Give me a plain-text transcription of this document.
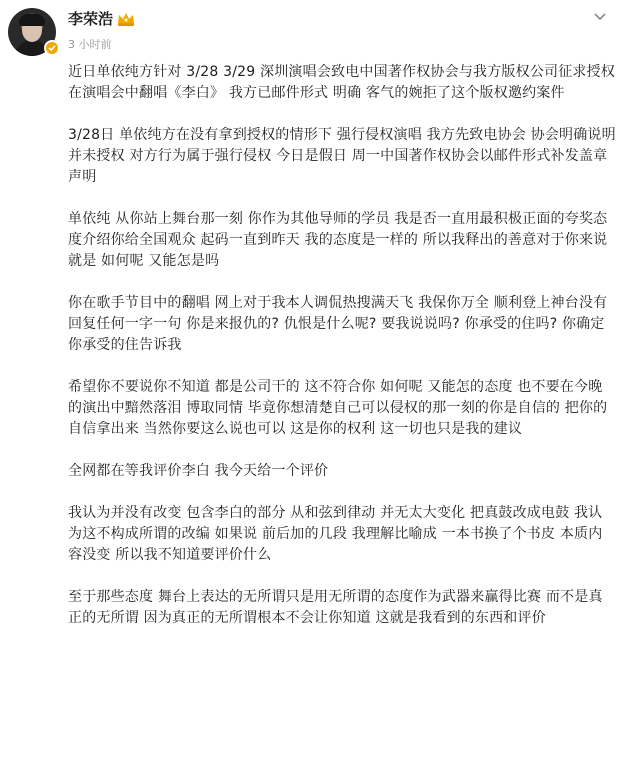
李荣浩
3 小时前

近日单依纯方针对 3/28 3/29 深圳演唱会致电中国著作权协会与我方版权公司征求授权在演唱会中翻唱《李白》 我方已邮件形式 明确 客气的婉拒了这个版权邀约案件

3/28日 单依纯方在没有拿到授权的情形下 强行侵权演唱 我方先致电协会 协会明确说明 并未授权 对方行为属于强行侵权 今日是假日 周一中国著作权协会以邮件形式补发盖章声明

单依纯 从你站上舞台那一刻 你作为其他导师的学员 我是否一直用最积极正面的夸奖态度介绍你给全国观众 起码一直到昨天 我的态度是一样的 所以我释出的善意对于你来说 就是 如何呢 又能怎是吗

你在歌手节目中的翻唱 网上对于我本人调侃热搜满天飞 我保你万全 顺利登上神台没有回复任何一字一句 你是来报仇的? 仇恨是什么呢? 要我说说吗? 你承受的住吗? 你确定你承受的住告诉我

希望你不要说你不知道 都是公司干的 这不符合你 如何呢 又能怎的态度 也不要在今晚的演出中黯然落泪 博取同情 毕竟你想清楚自己可以侵权的那一刻的你是自信的 把你的自信拿出来 当然你要这么说也可以 这是你的权利 这一切也只是我的建议

全网都在等我评价李白 我今天给一个评价

我认为并没有改变 包含李白的部分 从和弦到律动 并无太大变化 把真鼓改成电鼓 我认为这不构成所谓的改编 如果说 前后加的几段 我理解比喻成 一本书换了个书皮 本质内容没变 所以我不知道要评价什么

至于那些态度 舞台上表达的无所谓只是用无所谓的态度作为武器来赢得比赛 而不是真正的无所谓 因为真正的无所谓根本不会让你知道 这就是我看到的东西和评价
